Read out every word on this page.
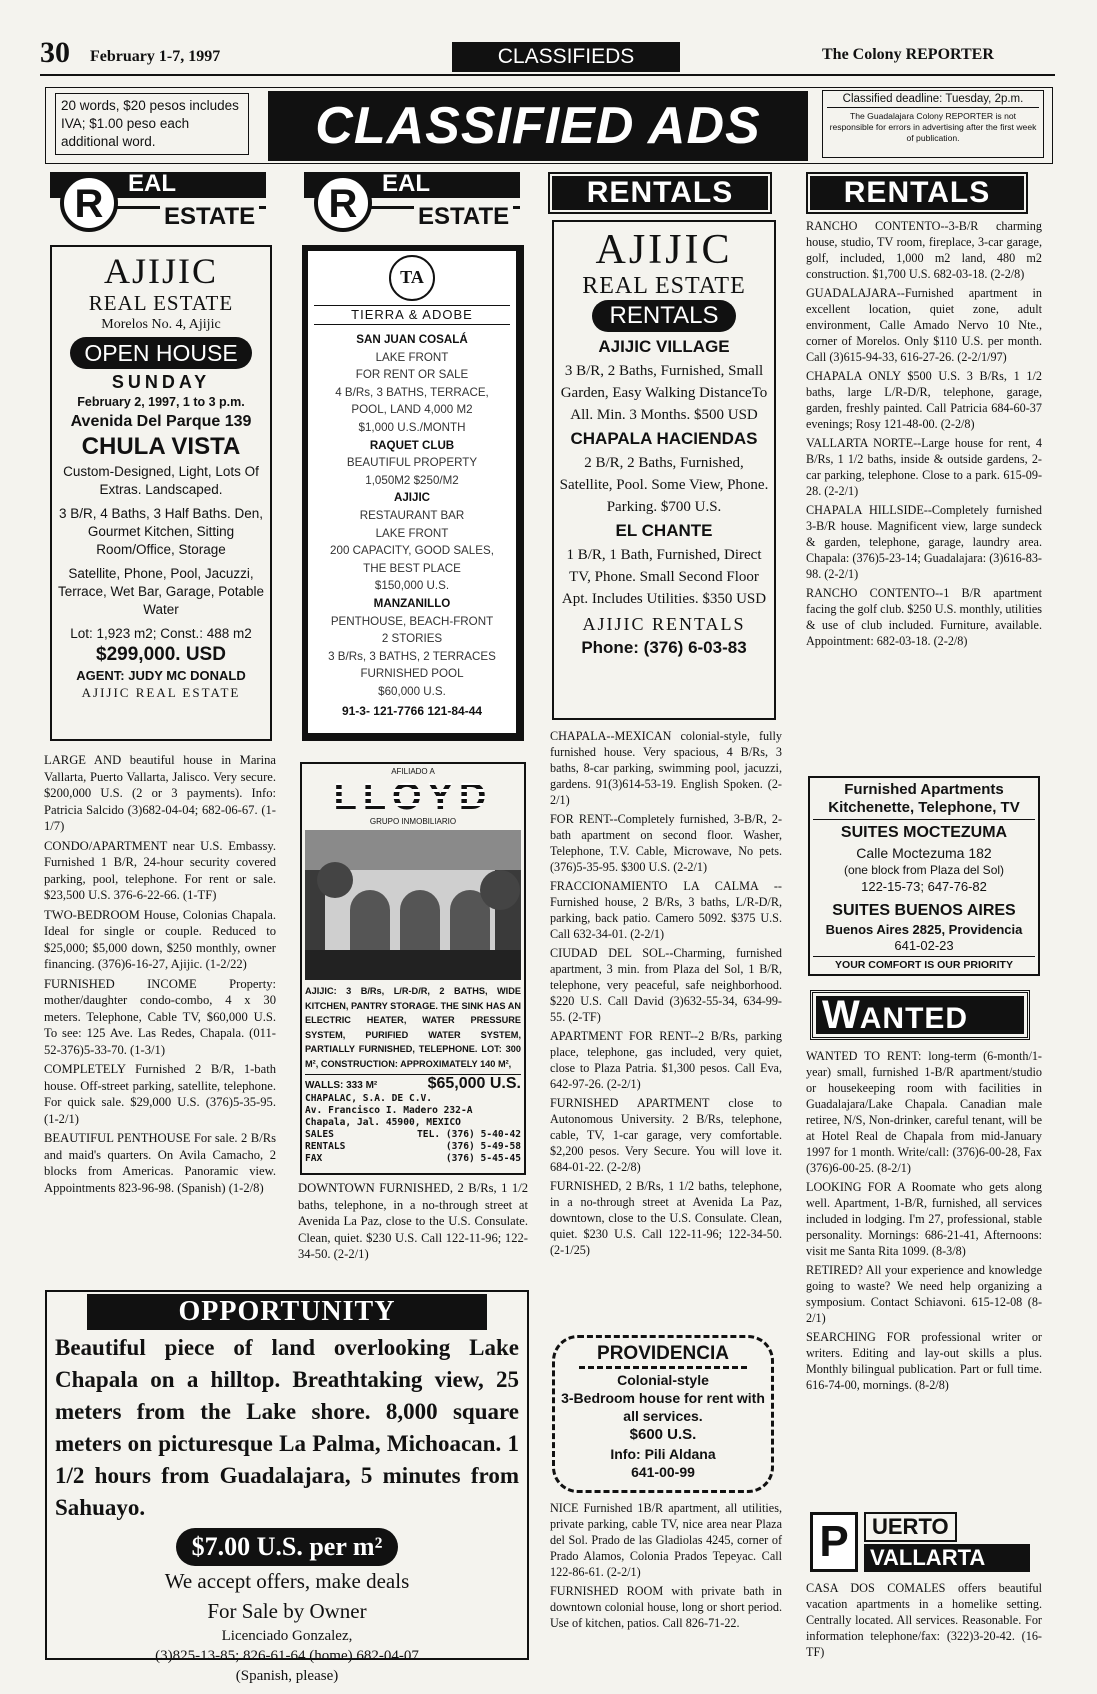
30 February 1-7, 1997	CLASSIFIEDS	The Colony REPORTER
20 words, $20 pesos includes IVA; $1.00 peso each additional word.	CLASSIFIED ADS	Classified deadline: Tuesday, 2p.m.
The Guadalajara Colony REPORTER is not responsible for errors in advertising after the first week of publication.
EAL
ESTATE
R	EAL
ESTATE
R	RENTALS	RENTALS
AJIJIC
REAL ESTATE
Morelos No. 4, Ajijic
OPEN HOUSE
SUNDAY
February 2, 1997, 1 to 3 p.m.
Avenida Del Parque 139
CHULA VISTA
Custom-Designed, Light, Lots Of Extras. Landscaped.
3 B/R, 4 Baths, 3 Half Baths. Den, Gourmet Kitchen, Sitting Room/Office, Storage
Satellite, Phone, Pool, Jacuzzi, Terrace, Wet Bar, Garage, Potable Water
Lot: 1,923 m2; Const.: 488 m2
$299,000. USD
AGENT: JUDY MC DONALD
AJIJIC REAL ESTATE

LARGE AND beautiful house in Marina Vallarta, Puerto Vallarta, Jalisco. Very secure. $200,000 U.S. (2 or 3 payments). Info: Patricia Salcido (3)682-04-04; 682-06-67. (1-1/7)

CONDO/APARTMENT near U.S. Embassy. Furnished 1 B/R, 24-hour security covered parking, pool, telephone. For rent or sale. $23,500 U.S. 376-6-22-66. (1-TF)

TWO-BEDROOM House, Colonias Chapala. Ideal for single or couple. Reduced to $25,000; $5,000 down, $250 monthly, owner financing. (376)6-16-27, Ajijic. (1-2/22)

FURNISHED INCOME Property: mother/daughter condo-combo, 4 x 30 meters. Telephone, Cable TV, $60,000 U.S. To see: 125 Ave. Las Redes, Chapala. (011-52-376)5-33-70. (1-3/1)

COMPLETELY Furnished 2 B/R, 1-bath house. Off-street parking, satellite, telephone. For quick sale. $29,000 U.S. (376)5-35-95. (1-2/1)

BEAUTIFUL PENTHOUSE For sale. 2 B/Rs and maid's quarters. On Avila Camacho, 2 blocks from Americas. Panoramic view. Appointments 823-96-98. (Spanish) (1-2/8)

TA
TIERRA & ADOBE
SAN JUAN COSALÁ
LAKE FRONT
FOR RENT OR SALE
4 B/Rs, 3 BATHS, TERRACE,
POOL, LAND 4,000 M2
$1,000 U.S./MONTH
RAQUET CLUB
BEAUTIFUL PROPERTY
1,050M2 $250/M2
AJIJIC
RESTAURANT BAR
LAKE FRONT
200 CAPACITY, GOOD SALES,
THE BEST PLACE
$150,000 U.S.
MANZANILLO
PENTHOUSE, BEACH-FRONT
2 STORIES
3 B/Rs, 3 BATHS, 2 TERRACES
FURNISHED POOL
$60,000 U.S.
91-3- 121-7766 121-84-44
AFILIADO A
LLOYD
GRUPO INMOBILIARIO
AJIJIC: 3 B/Rs, L/R-D/R, 2 BATHS, WIDE KITCHEN, PANTRY STORAGE. THE SINK HAS AN ELECTRIC HEATER, WATER PRESSURE SYSTEM, PURIFIED WATER SYSTEM, PARTIALLY FURNISHED, TELEPHONE. LOT: 300 M², CONSTRUCTION: APPROXIMATELY 140 M²,
WALLS: 333 M²	$65,000 U.S.
CHAPALAC, S.A. DE C.V.
Av. Francisco I. Madero 232-A
Chapala, Jal. 45900, MEXICO
SALES	TEL. (376) 5-40-42
RENTALS	(376) 5-49-58
FAX	(376) 5-45-45

DOWNTOWN FURNISHED, 2 B/Rs, 1 1/2 baths, telephone, in a no-through street at Avenida La Paz, close to the U.S. Consulate. Clean, quiet. $230 U.S. Call 122-11-96; 122-34-50. (2-2/1)

OPPORTUNITY
Beautiful piece of land overlooking Lake Chapala on a hilltop. Breathtaking view, 25 meters from the Lake shore. 8,000 square meters on picturesque La Palma, Michoacan. 1 1/2 hours from Guadalajara, 5 minutes from Sahuayo.
$7.00 U.S. per m²
We accept offers, make deals
For Sale by Owner
Licenciado Gonzalez,
(3)825-13-85; 826-61-64 (home) 682-04-07
(Spanish, please)
AJIJIC
REAL ESTATE
RENTALS
AJIJIC VILLAGE
3 B/R, 2 Baths, Furnished, Small Garden, Easy Walking DistanceTo All. Min. 3 Months. $500 USD
CHAPALA HACIENDAS
2 B/R, 2 Baths, Furnished, Satellite, Pool. Some View, Phone. Parking. $700 U.S.
EL CHANTE
1 B/R, 1 Bath, Furnished, Direct TV, Phone. Small Second Floor Apt. Includes Utilities. $350 USD
AJIJIC RENTALS
Phone: (376) 6-03-83

CHAPALA--MEXICAN colonial-style, fully furnished house. Very spacious, 4 B/Rs, 3 baths, 8-car parking, swimming pool, jacuzzi, gardens. 91(3)614-53-19. English Spoken. (2-2/1)

FOR RENT--Completely furnished, 3-B/R, 2-bath apartment on second floor. Washer, Telephone, T.V. Cable, Microwave, No pets. (376)5-35-95. $300 U.S. (2-2/1)

FRACCIONAMIENTO LA CALMA --Furnished house, 2 B/Rs, 3 baths, L/R-D/R, parking, back patio. Camero 5092. $375 U.S. Call 632-34-01. (2-2/1)

CIUDAD DEL SOL--Charming, furnished apartment, 3 min. from Plaza del Sol, 1 B/R, telephone, very peaceful, safe neighborhood. $220 U.S. Call David (3)632-55-34, 634-99-55. (2-TF)

APARTMENT FOR RENT--2 B/Rs, parking place, telephone, gas included, very quiet, close to Plaza Patria. $1,300 pesos. Call Eva, 642-97-26. (2-2/1)

FURNISHED APARTMENT close to Autonomous University. 2 B/Rs, telephone, cable, TV, 1-car garage, very comfortable. $2,200 pesos. Very Secure. You will love it. 684-01-22. (2-2/8)

FURNISHED, 2 B/Rs, 1 1/2 baths, telephone, in a no-through street at Avenida La Paz, downtown, close to the U.S. Consulate. Clean, quiet. $230 U.S. Call 122-11-96; 122-34-50. (2-1/25)

PROVIDENCIA
Colonial-style
3-Bedroom house for rent with all services.
$600 U.S.
Info: Pili Aldana
641-00-99

NICE Furnished 1B/R apartment, all utilities, private parking, cable TV, nice area near Plaza del Sol. Prado de las Gladiolas 4245, corner of Prado Alamos, Colonia Prados Tepeyac. Call 122-86-61. (2-2/1)

FURNISHED ROOM with private bath in downtown colonial house, long or short period. Use of kitchen, patios. Call 826-71-22.

RANCHO CONTENTO--3-B/R charming house, studio, TV room, fireplace, 3-car garage, golf, included, 1,000 m2 land, 480 m2 construction. $1,700 U.S. 682-03-18. (2-2/8)

GUADALAJARA--Furnished apartment in excellent location, quiet zone, adult environment, Calle Amado Nervo 10 Nte., corner of Morelos. Only $110 U.S. per month. Call (3)615-94-33, 616-27-26. (2-2/1/97)

CHAPALA ONLY $500 U.S. 3 B/Rs, 1 1/2 baths, large L/R-D/R, telephone, garage, garden, freshly painted. Call Patricia 684-60-37 evenings; Rosy 121-48-00. (2-2/8)

VALLARTA NORTE--Large house for rent, 4 B/Rs, 1 1/2 baths, inside & outside gardens, 2-car parking, telephone. Close to a park. 615-09-28. (2-2/1)

CHAPALA HILLSIDE--Completely furnished 3-B/R house. Magnificent view, large sundeck & garden, telephone, garage, laundry area. Chapala: (376)5-23-14; Guadalajara: (3)616-83-98. (2-2/1)

RANCHO CONTENTO--1 B/R apartment facing the golf club. $250 U.S. monthly, utilities & use of club included. Furniture, available. Appointment: 682-03-18. (2-2/8)

Furnished Apartments
Kitchenette, Telephone, TV
SUITES MOCTEZUMA
Calle Moctezuma 182
(one block from Plaza del Sol)
122-15-73; 647-76-82
SUITES BUENOS AIRES
Buenos Aires 2825, Providencia
641-02-23
YOUR COMFORT IS OUR PRIORITY
WANTED

WANTED TO RENT: long-term (6-month/1-year) small, furnished 1-B/R apartment/studio or housekeeping room with facilities in Guadalajara/Lake Chapala. Canadian male retiree, N/S, Non-drinker, careful tenant, will be at Hotel Real de Chapala from mid-January 1997 for 1 month. Write/call: (376)6-00-28, Fax (376)6-00-25. (8-2/1)

LOOKING FOR A Roomate who gets along well. Apartment, 1-B/R, furnished, all services included in lodging. I'm 27, professional, stable personality. Mornings: 686-21-41, Afternoons: visit me Santa Rita 1099. (8-3/8)

RETIRED? All your experience and knowledge going to waste? We need help organizing a symposium. Contact Schiavoni. 615-12-08 (8-2/1)

SEARCHING FOR professional writer or writers. Editing and lay-out skills a plus. Monthly bilingual publication. Part or full time. 616-74-00, mornings. (8-2/8)

P	UERTO
VALLARTA

CASA DOS COMALES offers beautiful vacation apartments in a homelike setting. Centrally located. All services. Reasonable. For information telephone/fax: (322)3-20-42. (16-TF)
